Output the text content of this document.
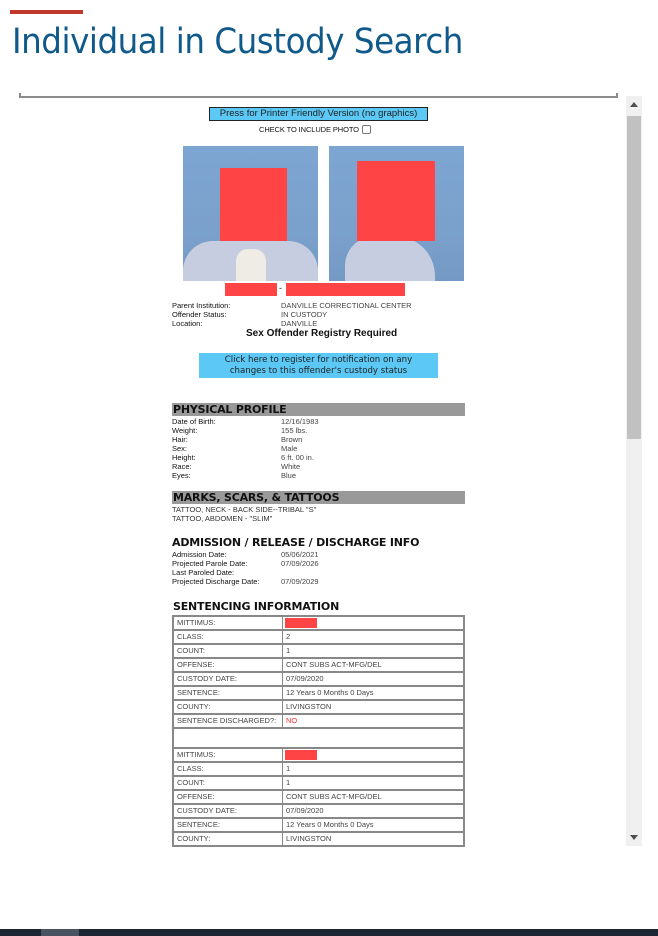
Individual in Custody Search
Press for Printer Friendly Version (no graphics)
CHECK TO INCLUDE PHOTO
-
Parent Institution:	DANVILLE CORRECTIONAL CENTER
Offender Status:	IN CUSTODY
Location:	DANVILLE
Sex Offender Registry Required
Click here to register for notification on any
changes to this offender's custody status
PHYSICAL PROFILE
Date of Birth:	12/16/1983
Weight:	155 lbs.
Hair:	Brown
Sex:	Male
Height:	6 ft. 00 in.
Race:	White
Eyes:	Blue
MARKS, SCARS, & TATTOOS
TATTOO, NECK - BACK SIDE--TRIBAL "S"
TATTOO, ABDOMEN - "SLIM"
ADMISSION / RELEASE / DISCHARGE INFO
Admission Date:	05/06/2021
Projected Parole Date:	07/09/2026
Last Paroled Date:
Projected Discharge Date:	07/09/2029
SENTENCING INFORMATION
MITTIMUS:
CLASS:	2
COUNT:	1
OFFENSE:	CONT SUBS ACT-MFG/DEL
CUSTODY DATE:	07/09/2020
SENTENCE:	12 Years 0 Months 0 Days
COUNTY:	LIVINGSTON
SENTENCE DISCHARGED?:	NO
MITTIMUS:
CLASS:	1
COUNT:	1
OFFENSE:	CONT SUBS ACT-MFG/DEL
CUSTODY DATE:	07/09/2020
SENTENCE:	12 Years 0 Months 0 Days
COUNTY:	LIVINGSTON
